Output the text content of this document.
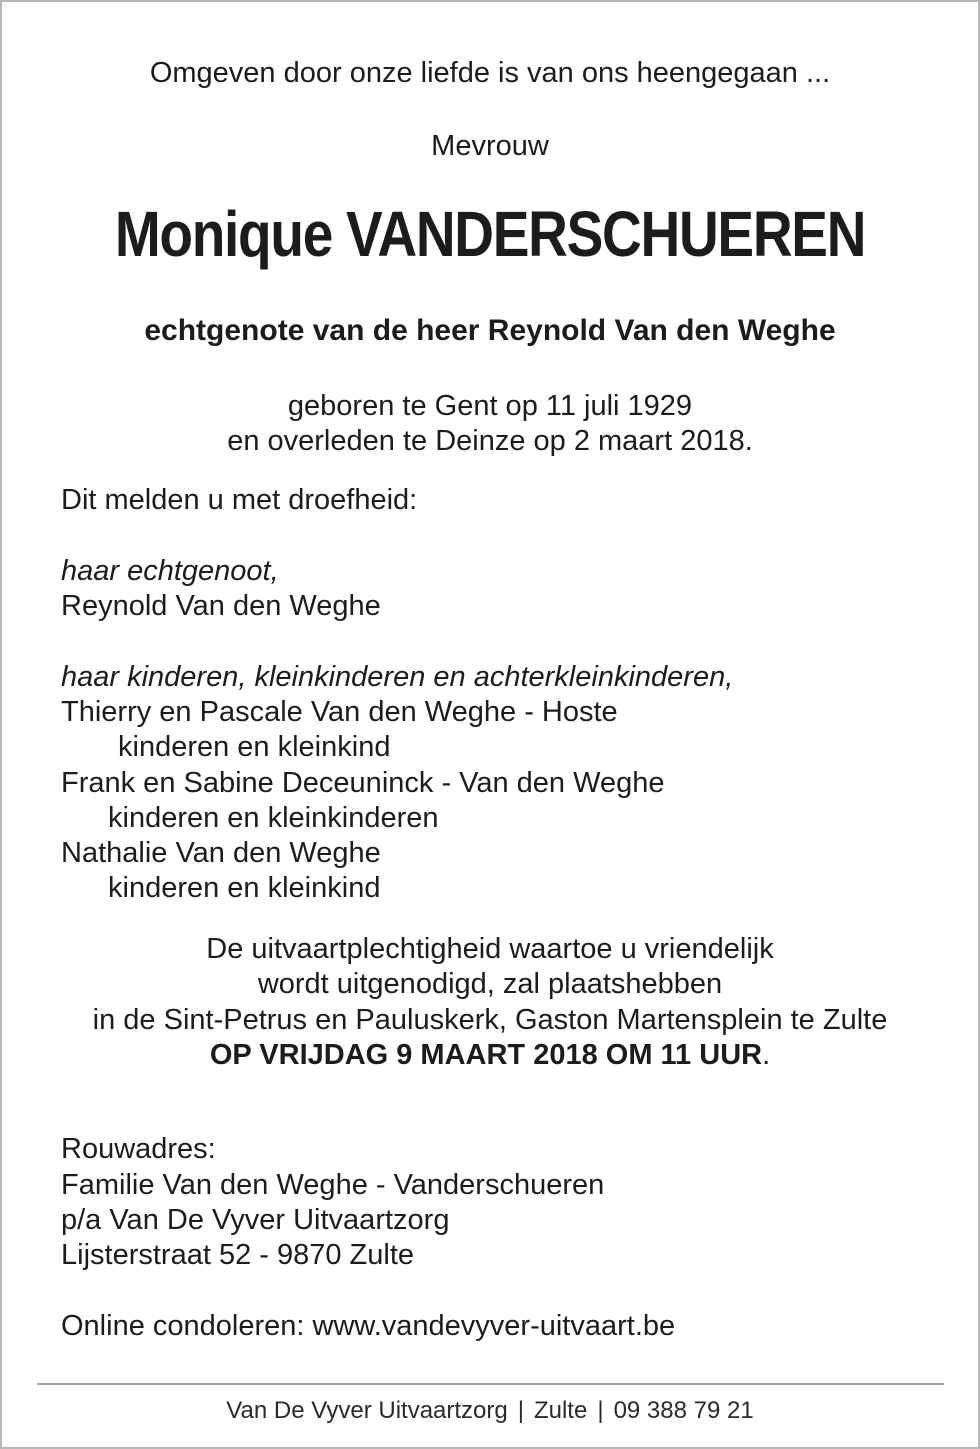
Omgeven door onze liefde is van ons heengegaan ...
Mevrouw
Monique VANDERSCHUEREN
echtgenote van de heer Reynold Van den Weghe
geboren te Gent op 11 juli 1929
en overleden te Deinze op 2 maart 2018.
Dit melden u met droefheid:
haar echtgenoot,
Reynold Van den Weghe
haar kinderen, kleinkinderen en achterkleinkinderen,
Thierry en Pascale Van den Weghe - Hoste
kinderen en kleinkind
Frank en Sabine Deceuninck - Van den Weghe
kinderen en kleinkinderen
Nathalie Van den Weghe
kinderen en kleinkind
De uitvaartplechtigheid waartoe u vriendelijk
wordt uitgenodigd, zal plaatshebben
in de Sint-Petrus en Pauluskerk, Gaston Martensplein te Zulte
OP VRIJDAG 9 MAART 2018 OM 11 UUR.
Rouwadres:
Familie Van den Weghe - Vanderschueren
p/a Van De Vyver Uitvaartzorg
Lijsterstraat 52 - 9870 Zulte
Online condoleren: www.vandevyver-uitvaart.be
Van De Vyver Uitvaartzorg | Zulte | 09 388 79 21
